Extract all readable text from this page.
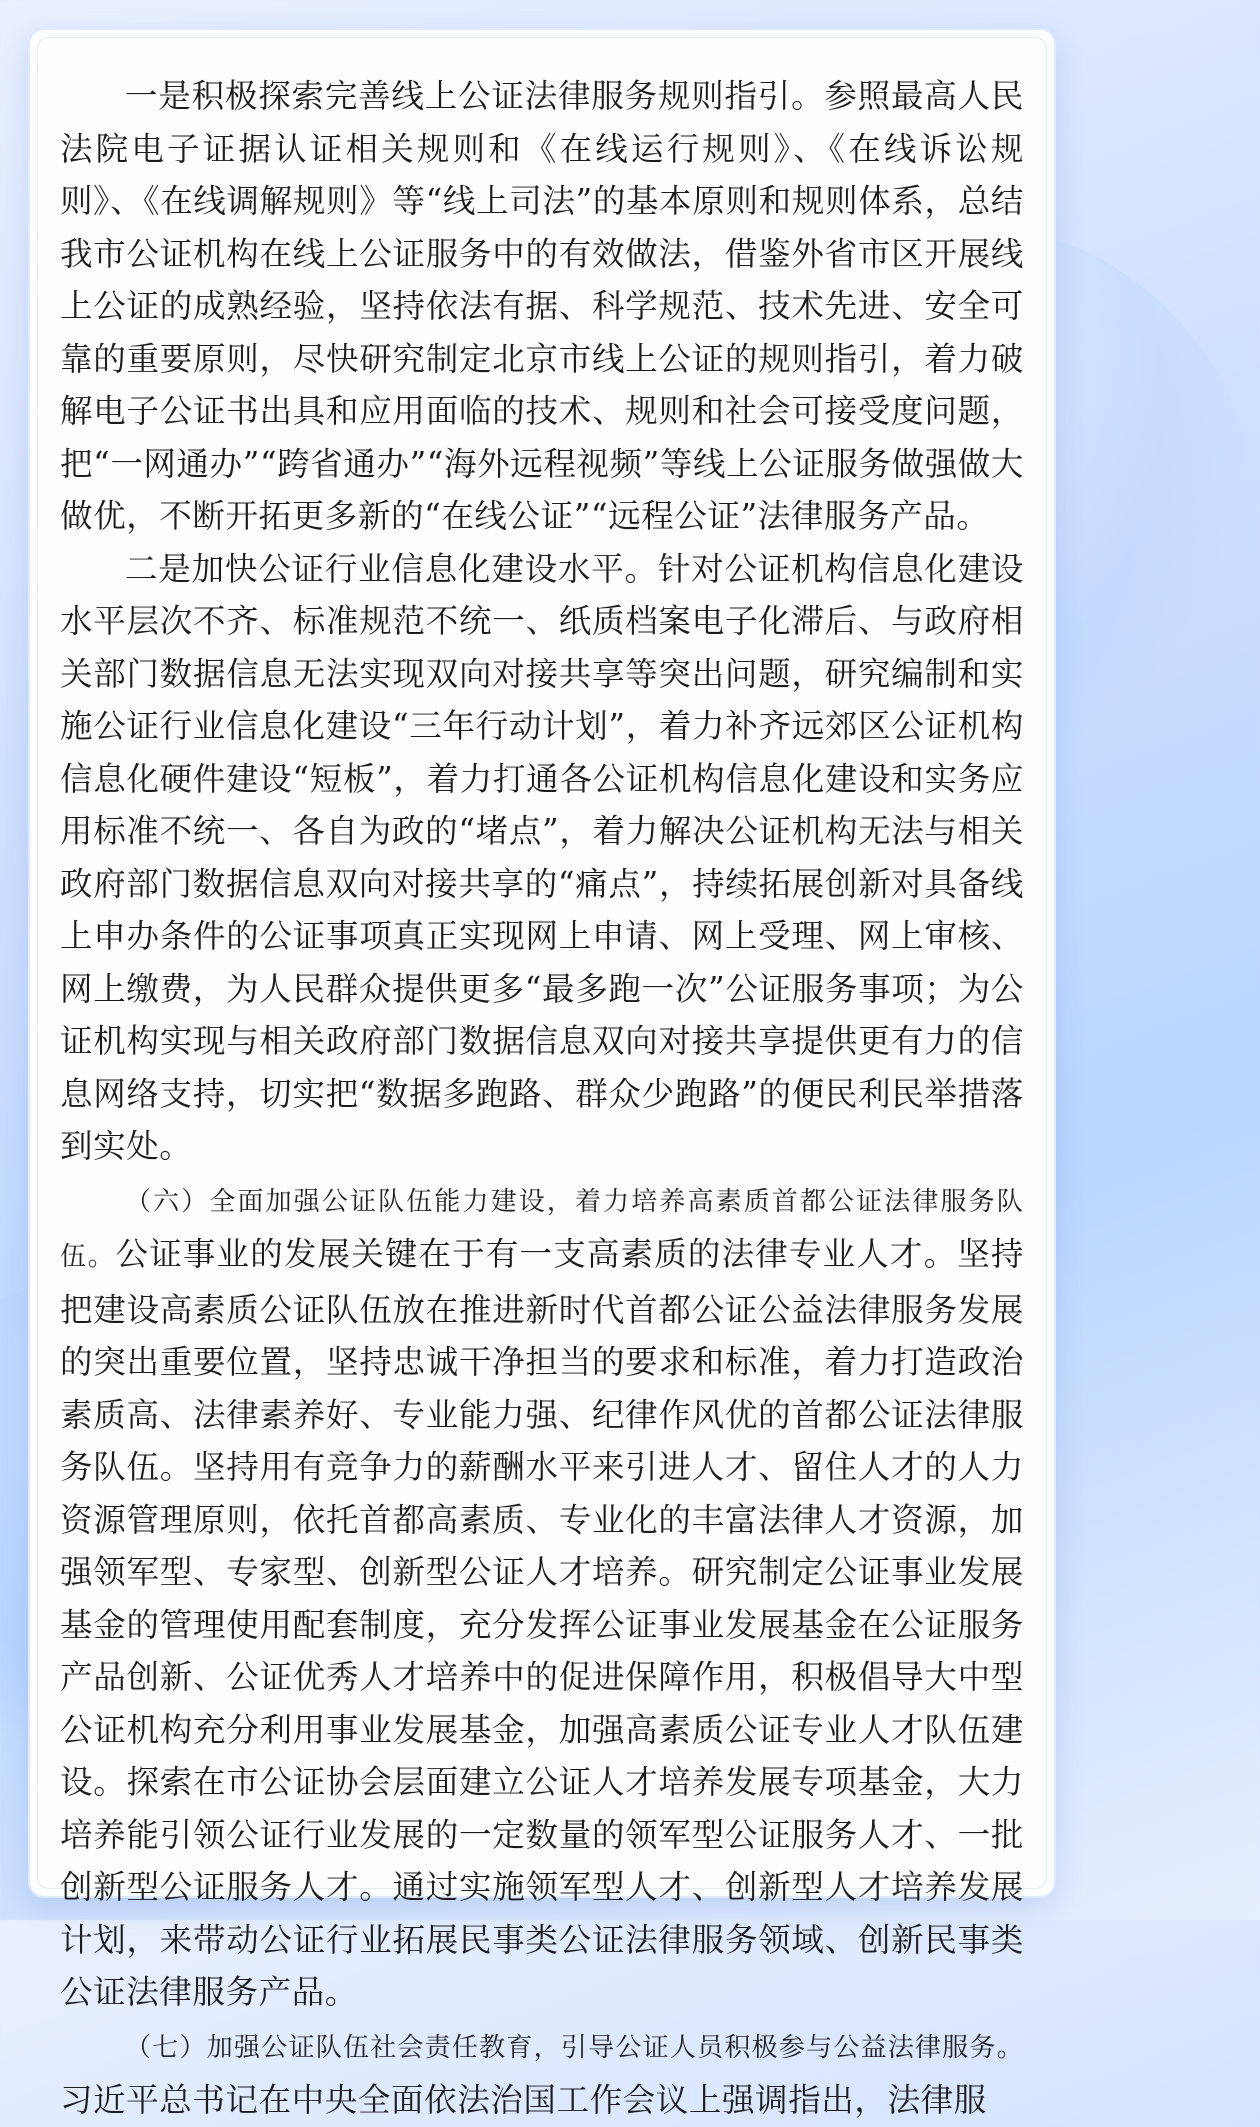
一是积极探索完善线上公证法律服务规则指引。参照最高人民法院电子证据认证相关规则和《在线运行规则》、《在线诉讼规则》、《在线调解规则》等“线上司法”的基本原则和规则体系，总结我市公证机构在线上公证服务中的有效做法，借鉴外省市区开展线上公证的成熟经验，坚持依法有据、科学规范、技术先进、安全可靠的重要原则，尽快研究制定北京市线上公证的规则指引，着力破解电子公证书出具和应用面临的技术、规则和社会可接受度问题，把“一网通办”“跨省通办”“海外远程视频”等线上公证服务做强做大做优，不断开拓更多新的“在线公证”“远程公证”法律服务产品。

二是加快公证行业信息化建设水平。针对公证机构信息化建设水平层次不齐、标准规范不统一、纸质档案电子化滞后、与政府相关部门数据信息无法实现双向对接共享等突出问题，研究编制和实施公证行业信息化建设“三年行动计划”，着力补齐远郊区公证机构信息化硬件建设“短板”，着力打通各公证机构信息化建设和实务应用标准不统一、各自为政的“堵点”，着力解决公证机构无法与相关政府部门数据信息双向对接共享的“痛点”，持续拓展创新对具备线上申办条件的公证事项真正实现网上申请、网上受理、网上审核、网上缴费，为人民群众提供更多“最多跑一次”公证服务事项；为公证机构实现与相关政府部门数据信息双向对接共享提供更有力的信息网络支持，切实把“数据多跑路、群众少跑路”的便民利民举措落到实处。

（六）全面加强公证队伍能力建设，着力培养高素质首都公证法律服务队伍。公证事业的发展关键在于有一支高素质的法律专业人才。坚持把建设高素质公证队伍放在推进新时代首都公证公益法律服务发展的突出重要位置，坚持忠诚干净担当的要求和标准，着力打造政治素质高、法律素养好、专业能力强、纪律作风优的首都公证法律服务队伍。坚持用有竞争力的薪酬水平来引进人才、留住人才的人力资源管理原则，依托首都高素质、专业化的丰富法律人才资源，加强领军型、专家型、创新型公证人才培养。研究制定公证事业发展基金的管理使用配套制度，充分发挥公证事业发展基金在公证服务产品创新、公证优秀人才培养中的促进保障作用，积极倡导大中型公证机构充分利用事业发展基金，加强高素质公证专业人才队伍建设。探索在市公证协会层面建立公证人才培养发展专项基金，大力培养能引领公证行业发展的一定数量的领军型公证服务人才、一批创新型公证服务人才。通过实施领军型人才、创新型人才培养发展计划，来带动公证行业拓展民事类公证法律服务领域、创新民事类公证法律服务产品。

（七）加强公证队伍社会责任教育，引导公证人员积极参与公益法律服务。习近平总书记在中央全面依法治国工作会议上强调指出，法律服
